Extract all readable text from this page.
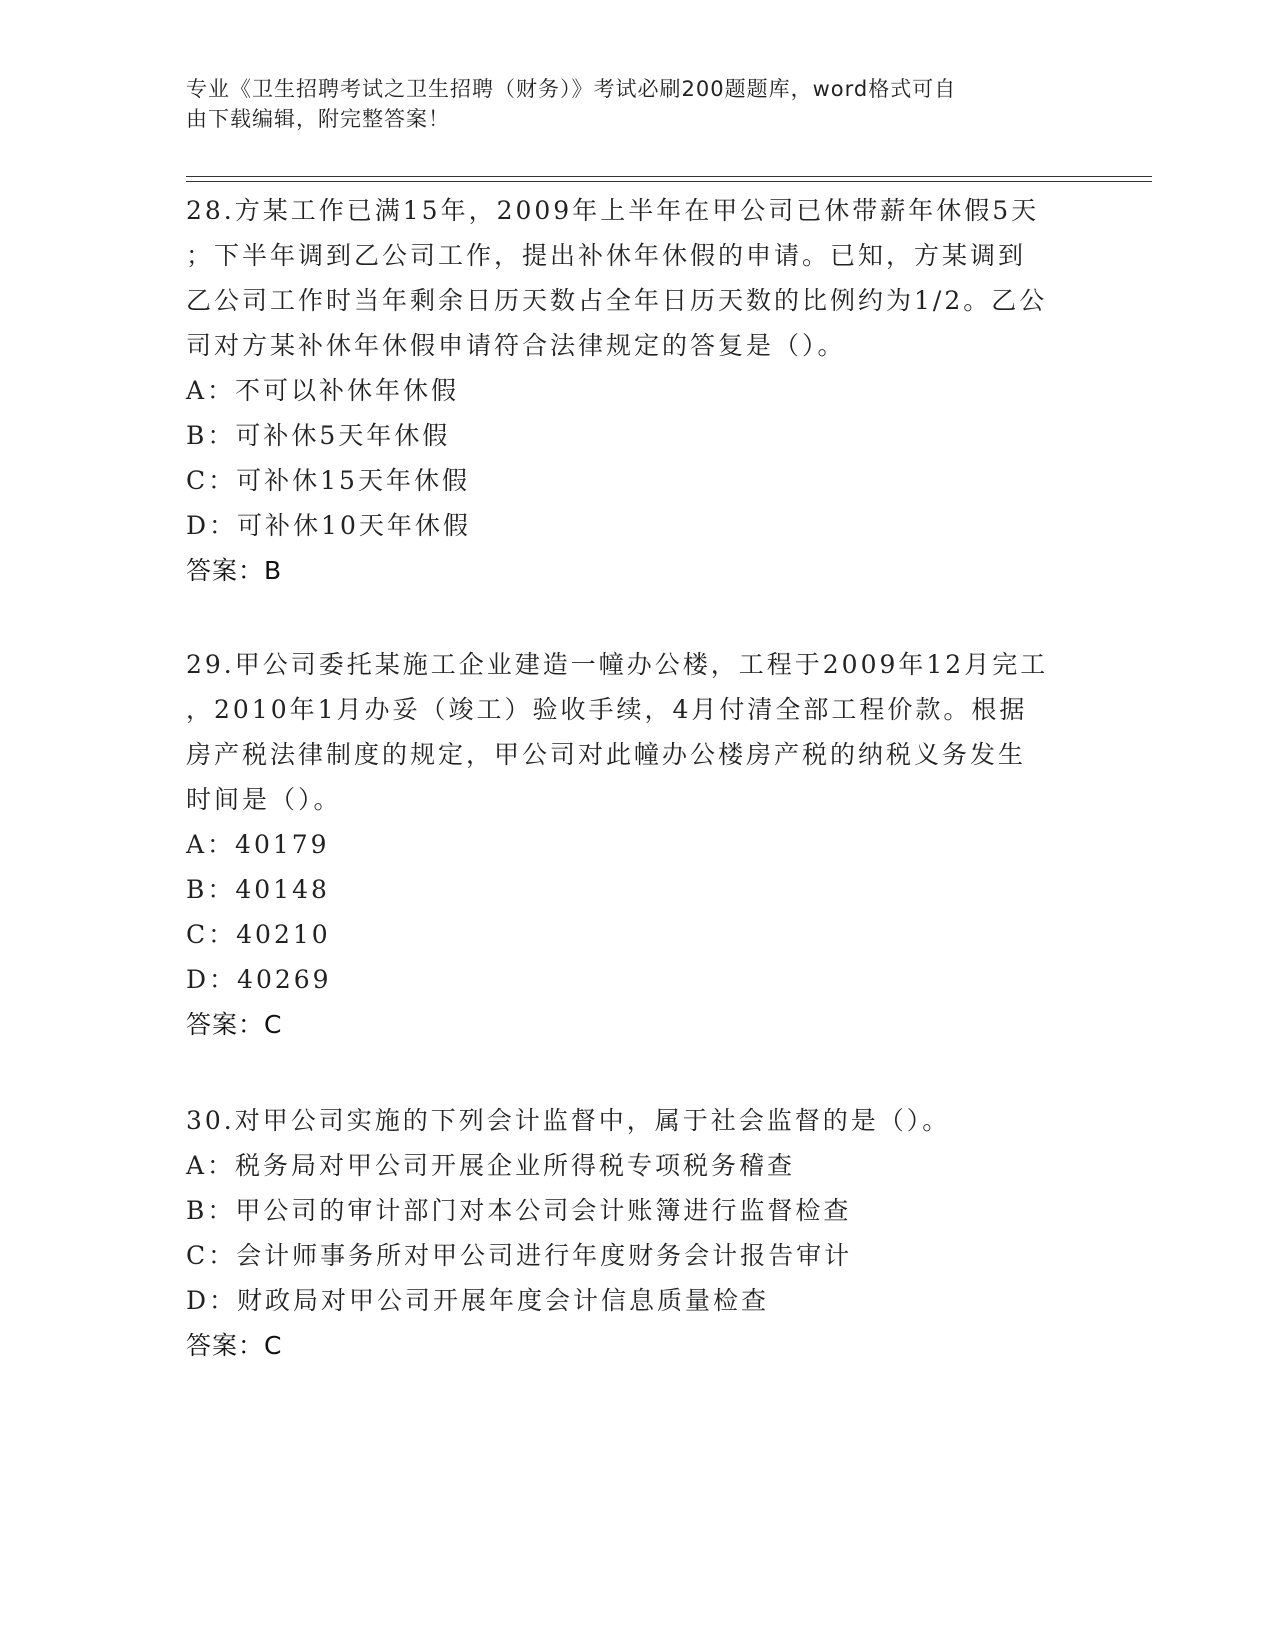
专业《卫生招聘考试之卫生招聘（财务）》考试必刷200题题库，word格式可自
由下载编辑，附完整答案！
28.方某工作已满15年，2009年上半年在甲公司已休带薪年休假5天
；下半年调到乙公司工作，提出补休年休假的申请。已知，方某调到
乙公司工作时当年剩余日历天数占全年日历天数的比例约为1/2。乙公
司对方某补休年休假申请符合法律规定的答复是（）。
A：不可以补休年休假
B：可补休5天年休假
C：可补休15天年休假
D：可补休10天年休假
答案：B
29.甲公司委托某施工企业建造一幢办公楼，工程于2009年12月完工
，2010年1月办妥（竣工）验收手续，4月付清全部工程价款。根据
房产税法律制度的规定，甲公司对此幢办公楼房产税的纳税义务发生
时间是（）。
A：40179
B：40148
C：40210
D：40269
答案：C
30.对甲公司实施的下列会计监督中，属于社会监督的是（）。
A：税务局对甲公司开展企业所得税专项税务稽查
B：甲公司的审计部门对本公司会计账簿进行监督检查
C：会计师事务所对甲公司进行年度财务会计报告审计
D：财政局对甲公司开展年度会计信息质量检查
答案：C
